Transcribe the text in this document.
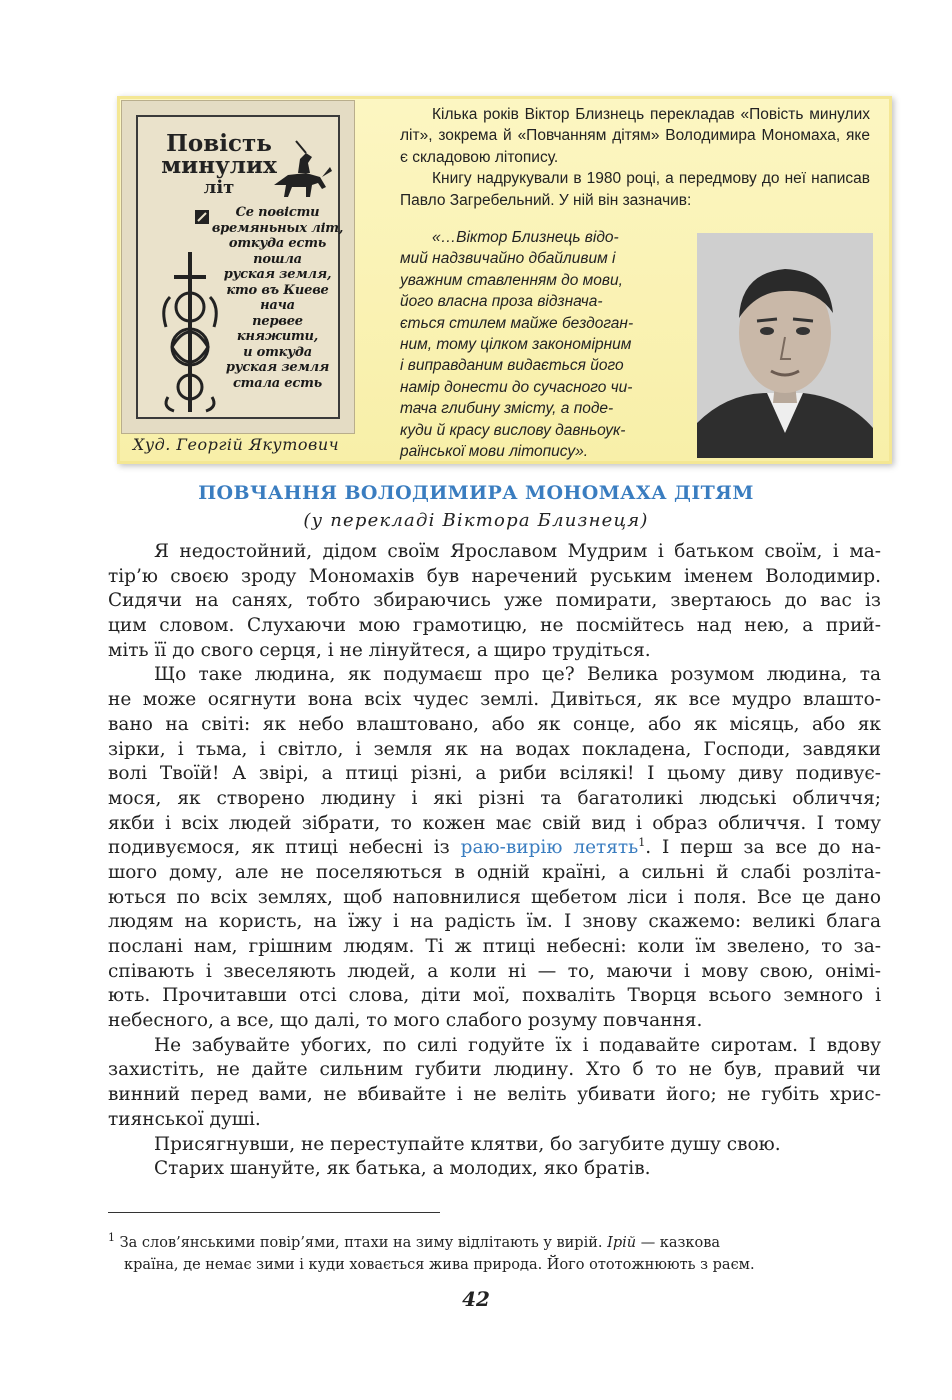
Повість
минулих
літ
Се повісти
времяньных літ,
откуда есть пошла
руская земля,
кто въ Киеве нача
первее княжити,
и откуда
руская земля
стала есть
Худ. Георгій Якутович

Кілька років Віктор Близнець перекладав «Повість минулих літ», зокрема й «Повчанням дітям» Володимира Мономаха, яке є складовою літопису.

Книгу надрукували в 1980 році, а передмову до неї написав Павло Загребельний. У ній він зазначив:

«…Віктор Близнець відо-
мий надзвичайно дбайливим і
уважним ставленням до мови,
його власна проза відзнача-
ється стилем майже бездоган-
ним, тому цілком закономірним
і виправданим видається його
намір донести до сучасного чи-
тача глибину змісту, а поде-
куди й красу вислову давньоук-
раїнської мови літопису».
ПОВЧАННЯ ВОЛОДИМИРА МОНОМАХА ДІТЯМ
(у перекладі Віктора Близнеця)
Я недостойний, дідом своїм Ярославом Мудрим і батьком своїм, і ма-
тір’ю своєю зроду Мономахів був наречений руським іменем Володимир.
Сидячи на санях, тобто збираючись уже помирати, звертаюсь до вас із
цим словом. Слухаючи мою грамотицю, не посмійтесь над нею, а прий-
міть її до свого серця, і не лінуйтеся, а щиро трудіться.
Що таке людина, як подумаєш про це? Велика розумом людина, та
не може осягнути вона всіх чудес землі. Дивіться, як все мудро влашто-
вано на світі: як небо влаштовано, або як сонце, або як місяць, або як
зірки, і тьма, і світло, і земля як на водах покладена, Господи, завдяки
волі Твоїй! А звірі, а птиці різні, а риби всілякі! І цьому диву подивує-
мося, як створено людину і які різні та багатоликі людські обличчя;
якби і всіх людей зібрати, то кожен має свій вид і образ обличчя. І тому
подивуємося, як птиці небесні із раю-вирію летять$^1$. І перш за все до на-
шого дому, але не поселяються в одній країні, а сильні й слабі розліта-
ються по всіх землях, щоб наповнилися щебетом ліси і поля. Все це дано
людям на користь, на їжу і на радість їм. І знову скажемо: великі блага
послані нам, грішним людям. Ті ж птиці небесні: коли їм звелено, то за-
співають і звеселяють людей, а коли ні — то, маючи і мову свою, онімі-
ють. Прочитавши отсі слова, діти мої, похваліть Творця всього земного і
небесного, а все, що далі, то мого слабого розуму повчання.
Не забувайте убогих, по силі годуйте їх і подавайте сиротам. І вдову
захистіть, не дайте сильним губити людину. Хто б то не був, правий чи
винний перед вами, не вбивайте і не веліть убивати його; не губіть хрис-
тиянської душі.
Присягнувши, не переступайте клятви, бо загубите душу свою.
Старих шануйте, як батька, а молодих, яко братів.
$^1$ За слов’янськими повір’ями, птахи на зиму відлітають у вирій. Ірій — казкова
країна, де немає зими і куди ховається жива природа. Його ототожнюють з раєм.
42
